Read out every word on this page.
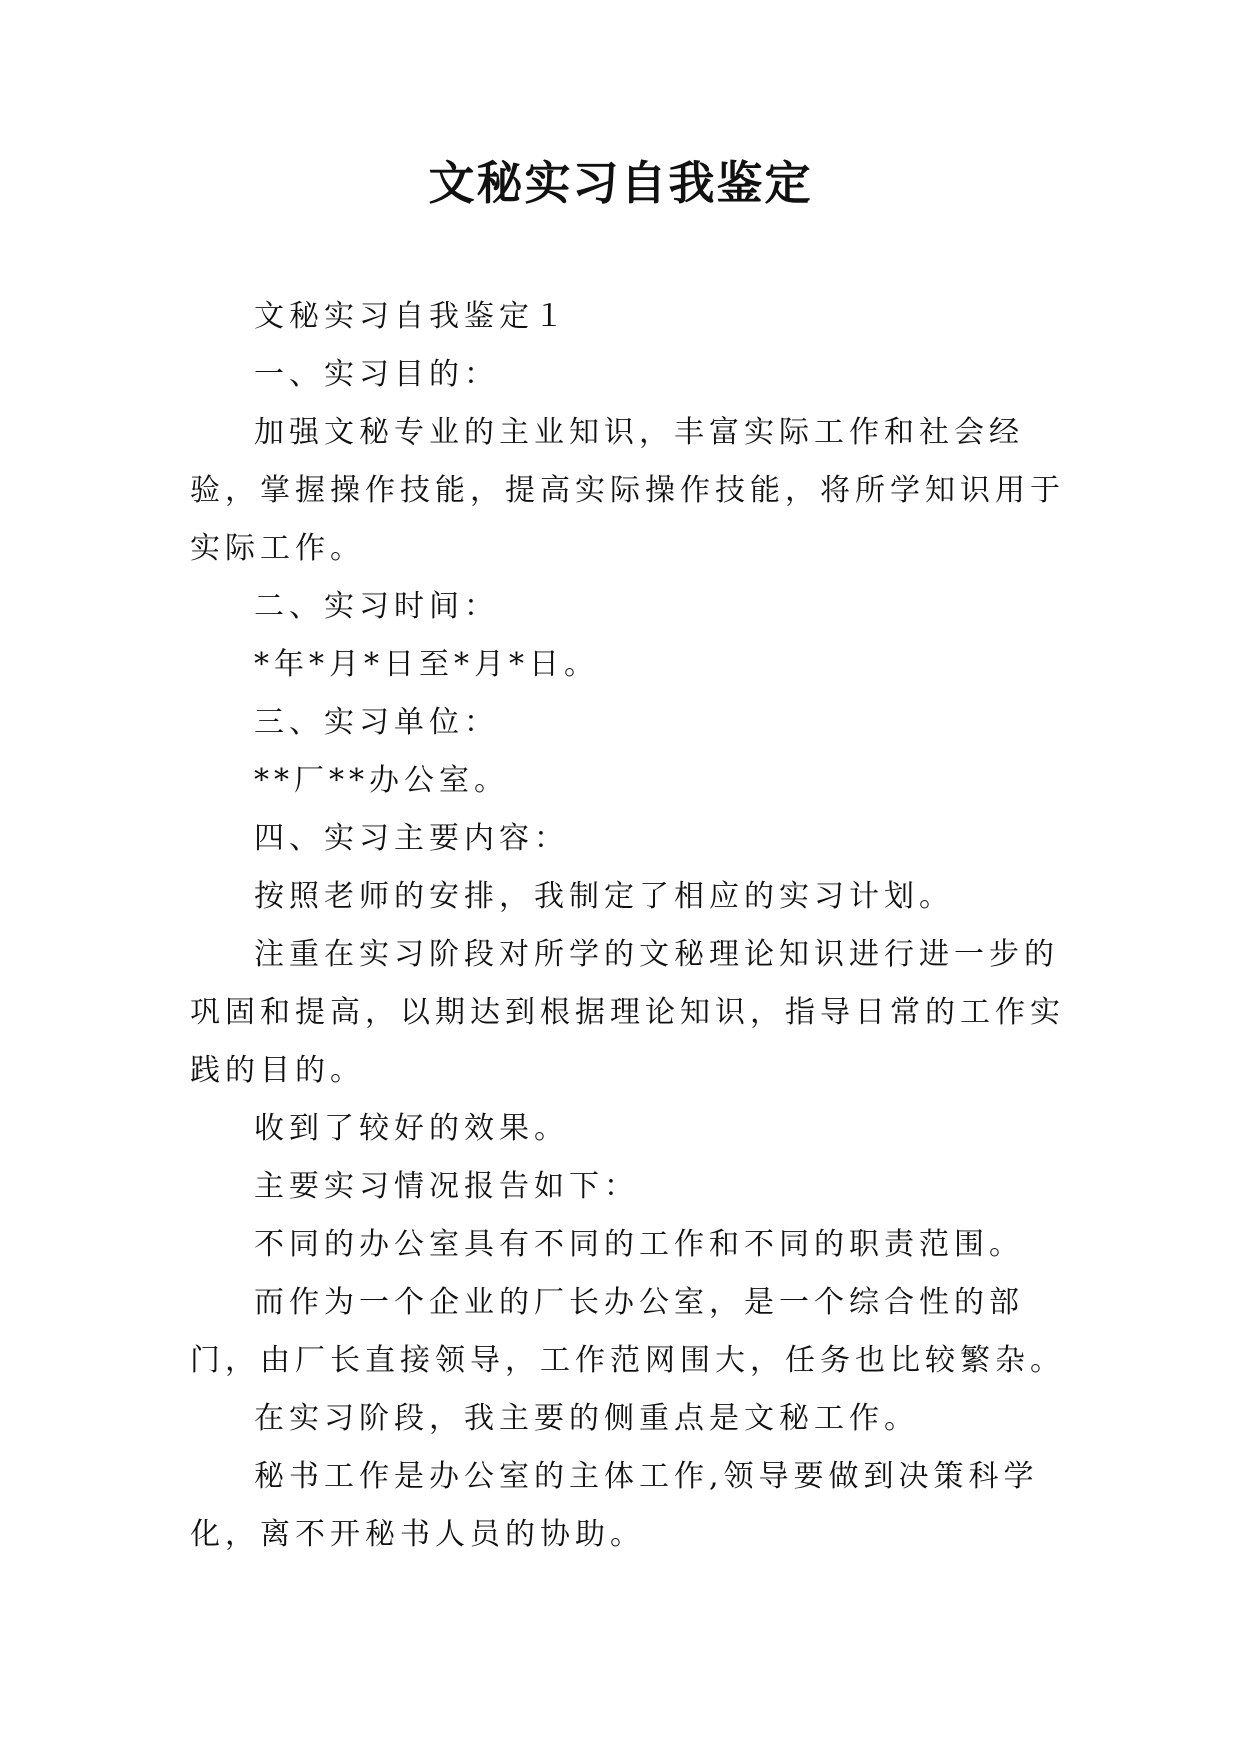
文秘实习自我鉴定

文秘实习自我鉴定１

一、实习目的：

加强文秘专业的主业知识，丰富实际工作和社会经验，掌握操作技能，提高实际操作技能，将所学知识用于实际工作。

二、实习时间：

*年*月*日至*月*日。

三、实习单位：

**厂**办公室。

四、实习主要内容：

按照老师的安排，我制定了相应的实习计划。

注重在实习阶段对所学的文秘理论知识进行进一步的巩固和提高，以期达到根据理论知识，指导日常的工作实践的目的。

收到了较好的效果。

主要实习情况报告如下：

不同的办公室具有不同的工作和不同的职责范围。

而作为一个企业的厂长办公室，是一个综合性的部门，由厂长直接领导，工作范网围大，任务也比较繁杂。

在实习阶段，我主要的侧重点是文秘工作。

秘书工作是办公室的主体工作,领导要做到决策科学化，离不开秘书人员的协助。
